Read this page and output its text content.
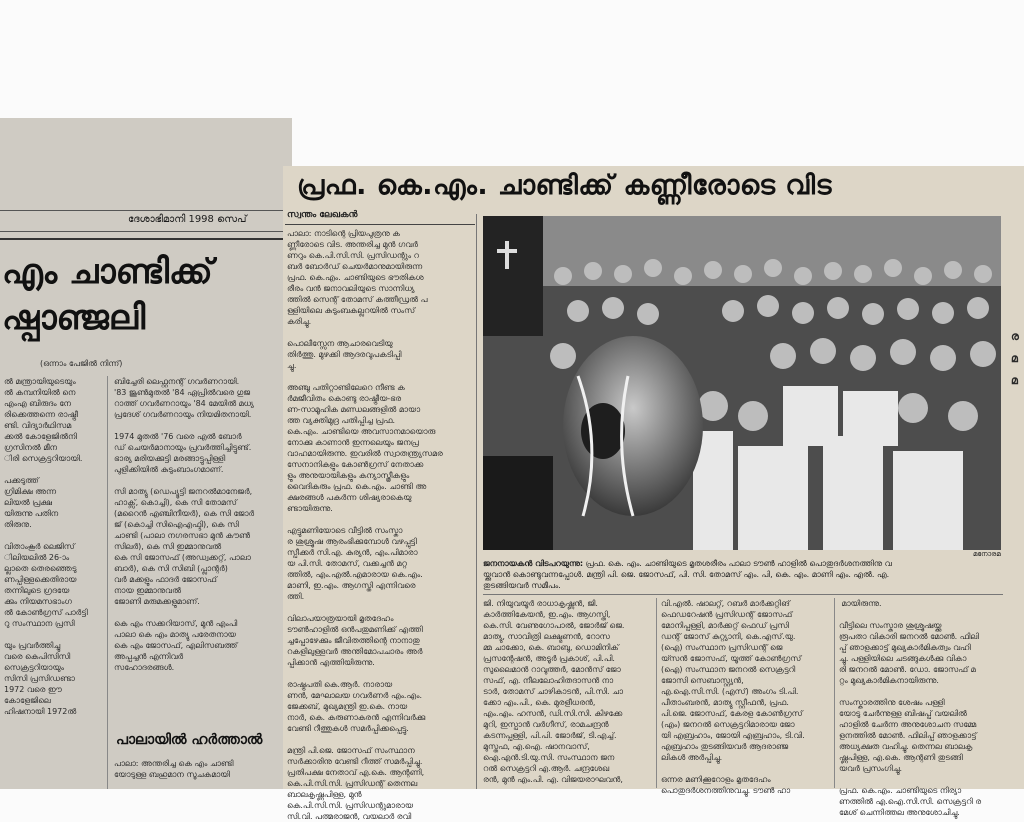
ദേശാഭിമാനി 1998 സെപ്
എം ചാണ്ടിക്ക്
ഷ്പാഞ്ജലി
(ഒന്നാം പേജിൽ നിന്ന്)
ൽ മന്ത്രായിയുടെയും
ൽ കമ്പനിയിൽ നെ
എംഎ ബിരുദം നേ
രിക്കെത്തന്നെ രാഷ്ട്രീ
ണ്ടി. വിദ്യാർഥിസമ
ക്കൽ കോളേജിൽനി
ഗ്രസിനൽ മീന
ിരി സെക്രട്ടറിയായി.

പക്കടുത്ത്
ഗ്രിമിക്ഷ അന്ന
ലിയൽ പ്രക്ഷ
യിരുന്നു പതിന
തിരുനു.

വിതാംകൂർ ലെജിസ്
ിലിയലിൽ 26-ാം
ല്ലാതെ തെരഞ്ഞെടു
ണപ്പിള്ളക്കെതിരായ
തന്നിലുടെ ഗ്രദയേ
ക്കും നിയമസഭാംഗ
ൽ കോൺഗ്രസ് പാർട്ടി
റു സംസ്ഥാന പ്രസി

യും പ്രവർത്തിച്ചു
വരെ കെപിസിസി
സെക്രട്ടറിയായും
സിസി പ്രസിഡണ്ടാ
1972 വരെ ഈ
കോളേജിലെ
ഹിഷനായി 1972ൽ
ബിച്ചേരി ലെഫ്റ്റനന്റ് ഗവർണറായി.
'83 ജൂൺമുതൽ '84 ഏപ്രിൽവരെ ഗുജ
റാത്ത് ഗവർണറായും '84 മേയിൽ മധ്യ
പ്രദേശ് ഗവർണറായും നിയമിതനായി.

1974 മുതൽ '76 വരെ എൽ ബോർ
ഡ് ചെയർമാനായും പ്രവർത്തിച്ചിട്ടുണ്ട്.
ഭാര്യ മരിയക്കുട്ടി മരങ്ങാട്ടുപ്പിള്ളി
പുളിക്കിയിൽ കുടുംബാംഗമാണ്.

സി മാത്യു (ഡെപ്യൂട്ടി ജനറൽമാനേജർ,
ഹാക്സ്, കൊച്ചി), കെ സി തോമസ്
(മറൈൻ എഞ്ചിനീയർ), കെ സി ജോർ
ജ് (കൊച്ചി സിഐഎഫ്ടി), കെ സി
ചാണ്ടി (പാലാ നഗരസഭാ മുൻ കൗൺ
സിലർ), കെ സി ഇമ്മാനുവൽ
കെ സി ജോസഫ് (അഡ്വക്കറ്റ്, പാലാ
ബാർ), കെ സി സിബി (പ്ലാന്റർ)
വർ മക്കളും ഫാദർ ജോസഫ്
നായ ഇമ്മാനുവൽ
ജോണി മരുമക്കളുമാണ്.

കെ എം സക്കറിയാസ്, മുൻ എംപി
പാലാ കെ എം മാത്യു പരേതനായ
കെ എം ജോസഫ്, എലിസബത്ത്
അപ്പച്ചൻ എന്നിവർ
സഹോദരങ്ങൾ.
പാലായിൽ ഹർത്താൽ
പാലാ: അന്തരിച്ച കെ എം ചാണ്ടി
യോടുള്ള ബഹുമാന സൂചകമായി
പ്രഫ. കെ.എം. ചാണ്ടിക്ക് കണ്ണീരോടെ വിട
സ്വന്തം ലേഖകൻ
പാലാ: നാടിന്റെ പ്രിയപുത്രനു ക
ണ്ണീരോടെ വിട. അന്തരിച്ച മുൻ ഗവർ
ണറും കെ.പി.സി.സി. പ്രസിഡന്റും റ
ബർ ബോർഡ് ചെയർമാനുമായിരുന്ന
പ്രഫ. കെ.എം. ചാണ്ടിയുടെ ഭൗതികശ
രീരം വൻ ജനാവലിയുടെ സാന്നിധ്യ
ത്തിൽ സെന്റ് തോമസ് കത്തീഡ്രൽ പ
ള്ളിയിലെ കുടുംബകല്ലറയിൽ സംസ്
കരിച്ചു.

പൊലീസ്സേന ആചാരവെടിയു
തിർത്തു. മുഴക്കി ആദരവുപകടിപ്പി
ച്ചു.

അഞ്ചു പതിറ്റാണ്ടിലേറെ നീണ്ട ക
ർമജീവിതം കൊണ്ടു രാഷ്ട്രീയ-ഭര
ണ-സാമൂഹിക മണ്ഡലങ്ങളിൽ മായാ
ത്ത വ്യക്തിമുദ്ര പതിപ്പിച്ച പ്രഫ.
കെ.എം. ചാണ്ടിയെ അവസാനമായൊരു
നോക്കു കാണാൻ ഇന്നലെയും ജനപ്ര
വാഹമായിരുന്നു. ഇവരിൽ സ്വാതന്ത്ര്യസമര
സേനാനികളും കോൺഗ്രസ് നേതാക്ക
ളും അനുയായികളും കന്യാസ്ത്രീകളും
വൈദികരും പ്രഫ. കെ.എം. ചാണ്ടി അ
ക്ഷരങ്ങൾ പകർന്ന ശിഷ്യരാകെയു
ണ്ടായിരുന്നു.

എട്ടുമണിയോടെ വീട്ടിൽ സംസ്കാ
ര ശുശ്രൂഷ ആരംഭിക്കുമ്പോൾ വഴപ്പുട്ടി
സ്പീക്കർ സി.എ. കുര്യൻ, എം.പിമാരാ
യ പി.സി. തോമസ്, വക്കച്ചൻ മറ്റ
ത്തിൽ, എം.എൽ.എമാരായ കെ.എം.
മാണി, ഇ.എം. ആഗസ്തി എന്നിവരെ
ത്തി.

വിലാപയാത്രയായി മൃതദേഹം
ടൗൺഹാളിൽ ഒൻപതുമണിക്ക് എത്തി
ച്ചപ്പോഴേക്കും ജീവിതത്തിന്റെ നാനാതു
റകളിലുള്ളവർ അന്തിമോപചാരം അർ
പ്പിക്കാൻ എത്തിയിരുന്നു.

രാഷ്ട്രപതി കെ.ആർ. നാരായ
ണൻ, മേഘാലയ ഗവർണർ എം.എം.
ജേക്കബ്, മുഖ്യമന്ത്രി ഇ.കെ. നായ
നാർ, കെ. കരുണാകരൻ എന്നിവർക്കു
വേണ്ടി റീത്തുകൾ സമർപ്പിക്കപ്പെട്ടു.

മന്ത്രി പി.ജെ. ജോസഫ് സംസ്ഥാന
സർക്കാരിനു വേണ്ടി റീത്ത് സമർപ്പിച്ചു.
പ്രതിപക്ഷ നേതാവ് എ.കെ. ആന്റണി,
കെ.പി.സി.സി. പ്രസിഡന്റ് തെന്നല
ബാലകൃഷ്ണപിള്ള, മുൻ
കെ.പി.സി.സി. പ്രസിഡന്റുമാരായ
സി.വി. പത്മരാജൻ, വയലാർ രവി
മനോരമ
ജനനായകൻ വിടപറയുന്നു: പ്രഫ. കെ. എം. ചാണ്ടിയുടെ മൃതശരീരം പാലാ ടൗൺ ഹാളിൽ പൊതുദർശനത്തിനു വ
യ്ക്കുവാൻ കൊണ്ടുവന്നപ്പോൾ. മന്ത്രി പി. ജെ. ജോസഫ്, പി. സി. തോമസ് എം. പി, കെ. എം. മാണി എം. എൽ. എ.
തുടങ്ങിയവർ സമീപം.
ജി. നിയുവയൂർ രാധാകൃഷ്ണൻ, ജി.
കാർത്തികേയൻ, ഇ.എം. ആഗസ്തി,
കെ.സി. വേണുഗോപാൽ, ജോർജ് ജെ.
മാത്യു, സാവിത്രി ലക്ഷ്മണൻ, റോസ
മ്മ ചാക്കോ, കെ. ബാബു, ഡൊമിനിക്
പ്രസന്റേഷൻ, അടൂർ പ്രകാശ്, പി.പി.
സുലൈമാൻ റാവുത്തർ, മോൻസ് ജോ
സഫ്, എ. നീലലോഹിതദാസൻ നാ
ടാർ, തോമസ് ചാഴികാടൻ, പി.സി. ചാ
ക്കോ എം.പി., കെ. മുരളീധരൻ,
എം.എം. ഹസൻ, ഡി.സി.സി. കിഴക്കേ
മുറി, ഇസ്പാൻ വർഗീസ്, രാമചന്ദ്രൻ
കടന്നപ്പള്ളി, പി.പി. ജോർജ്, ടി.എച്ച്.
മുസ്തഫ, എ.ഐ. ഷാനവാസ്,
ഐ.എൻ.ടി.യു.സി. സംസ്ഥാന ജന
റൽ സെക്രട്ടറി എ.ആർ. ചന്ദ്രശേഖ
രൻ, മുൻ എം.പി. എ. വിജയരാഘവൻ,
വി.എൽ. ഷാലറ്റ്, റബർ മാർക്കറ്റിങ്
ഫെഡറേഷൻ പ്രസിഡന്റ് ജോസഫ്
മോനിപ്പള്ളി, മാർക്കറ്റ് ഫെഡ് പ്രസി
ഡന്റ് ജോസ് കുറ്റ്യാനി, കെ.എസ്.യു.
(ഐ) സംസ്ഥാന പ്രസിഡന്റ് ജെ
യ്സൻ ജോസഫ്, യൂത്ത് കോൺഗ്രസ്
(ഐ) സംസ്ഥാന ജനറൽ സെക്രട്ടറി
ജോസി സെബാസ്റ്റ്യൻ,
എ.ഐ.സി.സി. (എസ്) അംഗം ടി.പി.
പീതാംബരൻ, മാത്യു സ്റ്റീഫൻ, പ്രഫ.
പി.ജെ. ജോസഫ്, കേരള കോൺഗ്രസ്
(എം) ജനറൽ സെക്രട്ടറിമാരായ ജോ
യി എബ്രഹാം, ജോയി എബ്രഹാം, ടി.വി.
എബ്രഹാം തുടങ്ങിയവർ ആദരാഞ്ജ
ലികൾ അർപ്പിച്ചു.

ഒന്നര മണിക്കൂറോളം മൃതദേഹം
പൊതുദർശനത്തിനുവച്ചു. ടൗൺ ഹാ
മായിരുന്നു.

വീട്ടിലെ സംസ്കാര ശുശ്രൂഷയ്ക്കു
രൂപതാ വികാരി ജനറൽ മോൺ. ഫിലി
പ്പ് ഞാളക്കാട്ട് മുഖ്യകാർമികത്വം വഹി
ച്ചു. പള്ളിയിലെ ചടങ്ങുകൾക്കു വികാ
രി ജനറൽ മോൺ. ഡോ. ജോസഫ് മ
റ്റം മുഖ്യകാർമികനായിരുന്നു.

സംസ്കാരത്തിനു ശേഷം പള്ളി
യോടു ചേർന്നുള്ള ബിഷപ്പ് വയലിൽ
ഹാളിൽ ചേർന്ന അനുശോചന സമ്മേ
ളനത്തിൽ മോൺ. ഫിലിപ്പ് ഞാളക്കാട്ട്
അധ്യക്ഷത വഹിച്ചു. തെന്നല ബാലകൃ
ഷ്ണപിള്ള, എ.കെ. ആന്റണി തുടങ്ങി
യവർ പ്രസംഗിച്ചു.

പ്രഫ. കെ.എം. ചാണ്ടിയുടെ നിര്യാ
ണത്തിൽ എ.ഐ.സി.സി. സെക്രട്ടറി ര
മേശ് ചെന്നിത്തല അനുശോചിച്ചു.
ര
മ
മ
